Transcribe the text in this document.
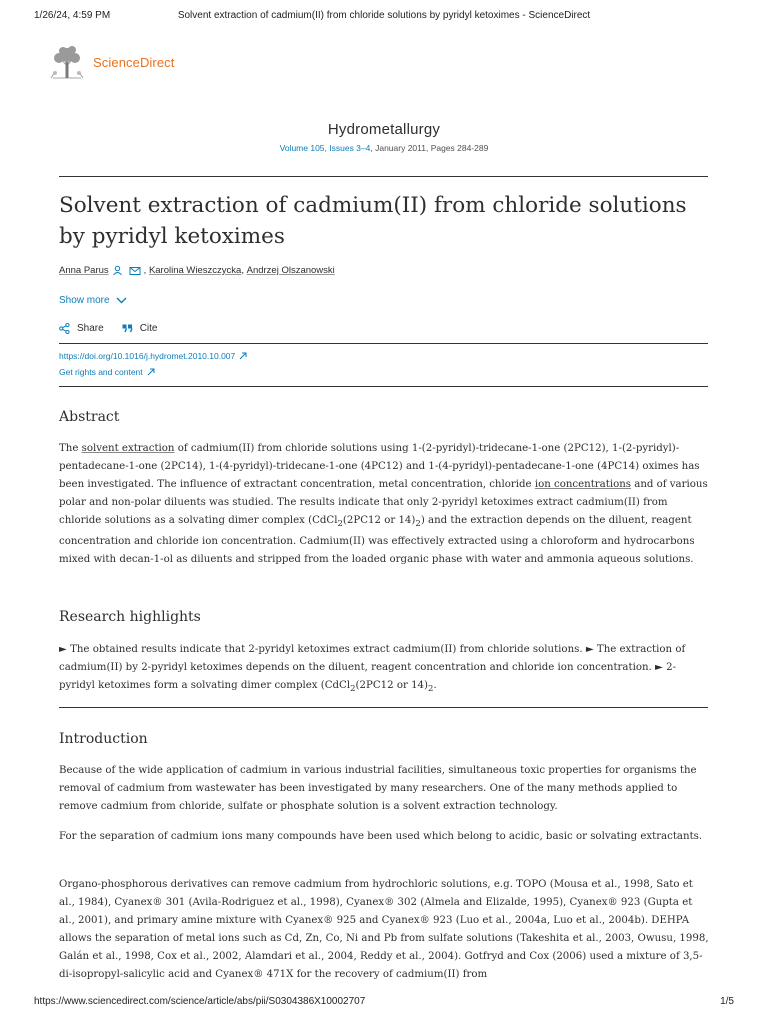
1/26/24, 4:59 PM	Solvent extraction of cadmium(II) from chloride solutions by pyridyl ketoximes - ScienceDirect
ScienceDirect
Hydrometallurgy
Volume 105, Issues 3–4, January 2011, Pages 284-289
Solvent extraction of cadmium(II) from chloride solutions by pyridyl ketoximes
Anna Parus	,
Karolina Wieszczycka ,
Andrzej Olszanowski
Show more
Share	Cite
https://doi.org/10.1016/j.hydromet.2010.10.007
Get rights and content
Abstract

The solvent extraction of cadmium(II) from chloride solutions using 1-(2-pyridyl)-tridecane-1-one (2PC12), 1-(2-pyridyl)-pentadecane-1-one (2PC14), 1-(4-pyridyl)-tridecane-1-one (4PC12) and 1-(4-pyridyl)-pentadecane-1-one (4PC14) oximes has been investigated. The influence of extractant concentration, metal concentration, chloride ion concentrations and of various polar and non-polar diluents was studied. The results indicate that only 2-pyridyl ketoximes extract cadmium(II) from chloride solutions as a solvating dimer complex (CdCl$_2$(2PC12 or $14)_2$) and the extraction depends on the diluent, reagent concentration and chloride ion concentration. Cadmium(II) was effectively extracted using a chloroform and hydrocarbons mixed with decan-1-ol as diluents and stripped from the loaded organic phase with water and ammonia aqueous solutions.

Research highlights

► The obtained results indicate that 2-pyridyl ketoximes extract cadmium(II) from chloride solutions. ► The extraction of cadmium(II) by 2-pyridyl ketoximes depends on the diluent, reagent concentration and chloride ion concentration. ► 2-pyridyl ketoximes form a solvating dimer complex (CdCl$_2$(2PC12 or $14)_2$.

Introduction

Because of the wide application of cadmium in various industrial facilities, simultaneous toxic properties for organisms the removal of cadmium from wastewater has been investigated by many researchers. One of the many methods applied to remove cadmium from chloride, sulfate or phosphate solution is a solvent extraction technology.

For the separation of cadmium ions many compounds have been used which belong to acidic, basic or solvating extractants.

Organo-phosphorous derivatives can remove cadmium from hydrochloric solutions, e.g. TOPO (Mousa et al., 1998, Sato et al., 1984), Cyanex® 301 (Avila-Rodriguez et al., 1998), Cyanex® 302 (Almela and Elizalde, 1995), Cyanex® 923 (Gupta et al., 2001), and primary amine mixture with Cyanex® 925 and Cyanex® 923 (Luo et al., 2004a, Luo et al., 2004b). DEHPA allows the separation of metal ions such as Cd, Zn, Co, Ni and Pb from sulfate solutions (Takeshita et al., 2003, Owusu, 1998, Galán et al., 1998, Cox et al., 2002, Alamdari et al., 2004, Reddy et al., 2004). Gotfryd and Cox (2006) used a mixture of 3,5-di-isopropyl-salicylic acid and Cyanex® 471X for the recovery of cadmium(II) from

https://www.sciencedirect.com/science/article/abs/pii/S0304386X10002707	1/5
